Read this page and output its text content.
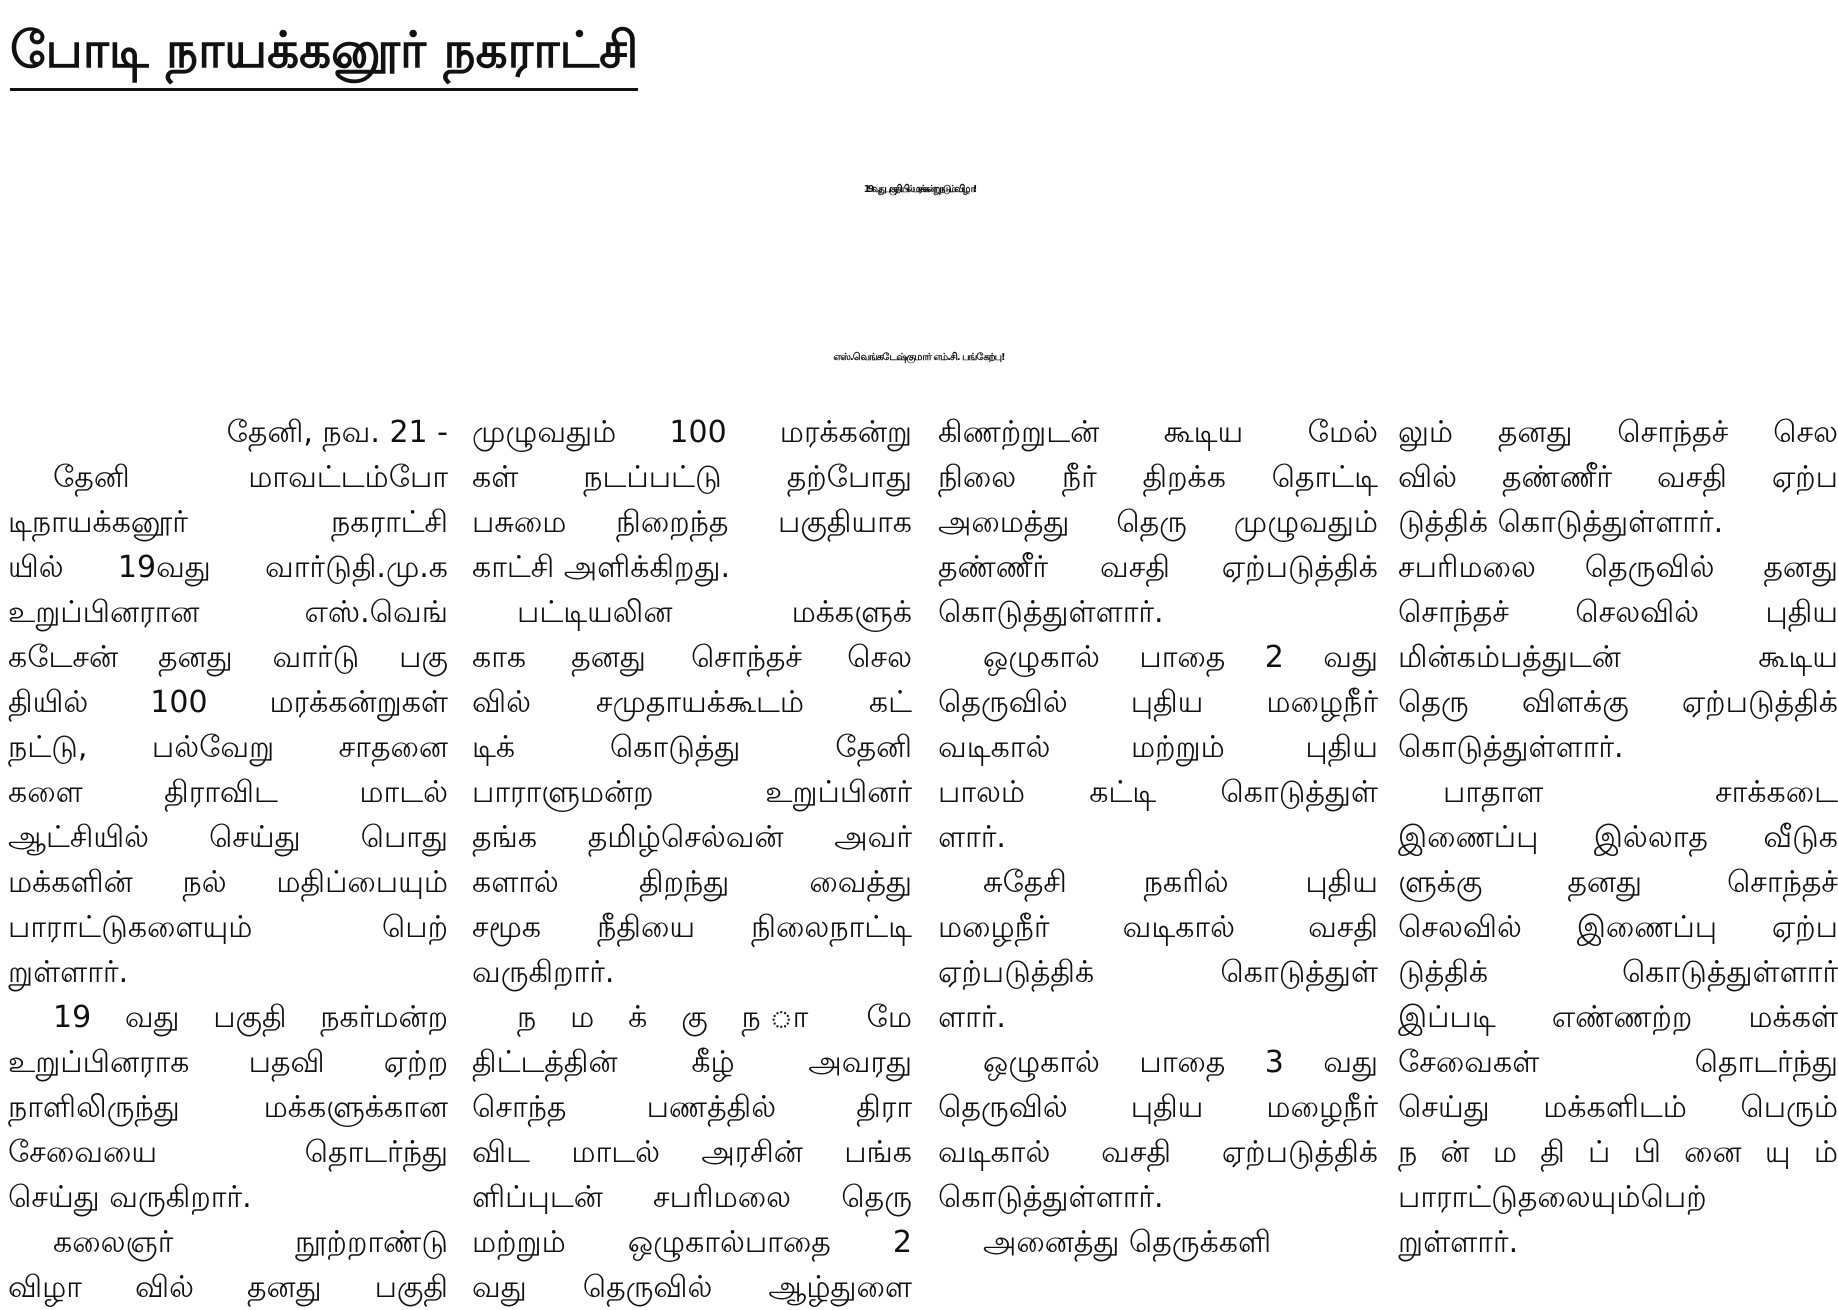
போடி நாயக்கனூர் நகராட்சி
19வது பகுதியில் மரக்கன்று நடும் விழா!
எஸ்.வெங்கடேஷ்குமார் எம்.சி. பங்கேற்பு!
தேனி, நவ. 21 -
தேனி மாவட்டம்போ
டிநாயக்கனூர் நகராட்சி
யில் 19வது வார்டுதி.மு.க
உறுப்பினரான எஸ்.வெங்
கடேசன் தனது வார்டு பகு
தியில் 100 மரக்கன்றுகள்
நட்டு, பல்வேறு சாதனை
களை திராவிட மாடல்
ஆட்சியில் செய்து பொது
மக்களின் நல் மதிப்பையும்
பாராட்டுகளையும் பெற்
றுள்ளார்.
19 வது பகுதி நகர்மன்ற
உறுப்பினராக பதவி ஏற்ற
நாளிலிருந்து மக்களுக்கான
சேவையை தொடர்ந்து
செய்து வருகிறார்.
கலைஞர் நூற்றாண்டு
விழா வில் தனது பகுதி
முழுவதும் 100 மரக்கன்று
கள் நடப்பட்டு தற்போது
பசுமை நிறைந்த பகுதியாக
காட்சி அளிக்கிறது.
பட்டியலின மக்களுக்
காக தனது சொந்தச் செல
வில் சமுதாயக்கூடம் கட்
டிக் கொடுத்து தேனி
பாராளுமன்ற உறுப்பினர்
தங்க தமிழ்செல்வன் அவர்
களால் திறந்து வைத்து
சமூக நீதியை நிலைநாட்டி
வருகிறார்.
ந ம க் கு ந ா மே
திட்டத்தின் கீழ் அவரது
சொந்த பணத்தில் திரா
விட மாடல் அரசின் பங்க
ளிப்புடன் சபரிமலை தெரு
மற்றும் ஒழுகால்பாதை 2
வது தெருவில் ஆழ்துளை
கிணற்றுடன் கூடிய மேல்
நிலை நீர் திறக்க தொட்டி
அமைத்து தெரு முழுவதும்
தண்ணீர் வசதி ஏற்படுத்திக்
கொடுத்துள்ளார்.
ஒழுகால் பாதை 2 வது
தெருவில் புதிய மழைநீர்
வடிகால் மற்றும் புதிய
பாலம் கட்டி கொடுத்துள்
ளார்.
சுதேசி நகரில் புதிய
மழைநீர் வடிகால் வசதி
ஏற்படுத்திக் கொடுத்துள்
ளார்.
ஒழுகால் பாதை 3 வது
தெருவில் புதிய மழைநீர்
வடிகால் வசதி ஏற்படுத்திக்
கொடுத்துள்ளார்.
அனைத்து தெருக்களி
லும் தனது சொந்தச் செல
வில் தண்ணீர் வசதி ஏற்ப
டுத்திக் கொடுத்துள்ளார்.
சபரிமலை தெருவில் தனது
சொந்தச் செலவில் புதிய
மின்கம்பத்துடன் கூடிய
தெரு விளக்கு ஏற்படுத்திக்
கொடுத்துள்ளார்.
பாதாள சாக்கடை
இணைப்பு இல்லாத வீடுக
ளுக்கு தனது சொந்தச்
செலவில் இணைப்பு ஏற்ப
டுத்திக் கொடுத்துள்ளார்
இப்படி எண்ணற்ற மக்கள்
சேவைகள் தொடர்ந்து
செய்து மக்களிடம் பெரும்
ந ன் ம தி ப் பி னை யு ம்
பாராட்டுதலையும்பெற்
றுள்ளார்.
